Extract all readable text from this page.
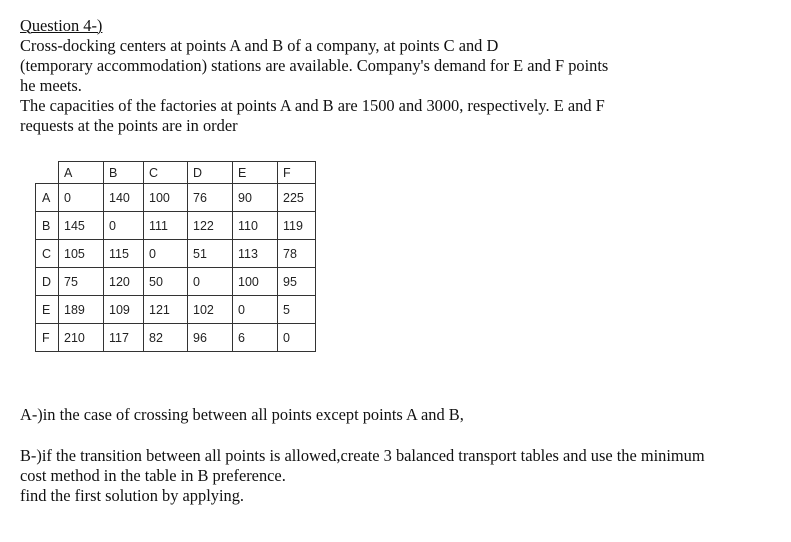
Question 4-)

Cross-docking centers at points A and B of a company, at points C and D
(temporary accommodation) stations are available. Company's demand for E and F points
he meets.

The capacities of the factories at points A and B are 1500 and 3000, respectively. E and F
requests at the points are in order

	A	B	C	D	E	F
A	0	140	100	76	90	225
B	145	0	111	122	110	119
C	105	115	0	51	113	78
D	75	120	50	0	100	95
E	189	109	121	102	0	5
F	210	117	82	96	6	0

A-)in the case of crossing between all points except points A and B,

B-)if the transition between all points is allowed,create 3 balanced transport tables and use the minimum
cost method in the table in B preference.
find the first solution by applying.
